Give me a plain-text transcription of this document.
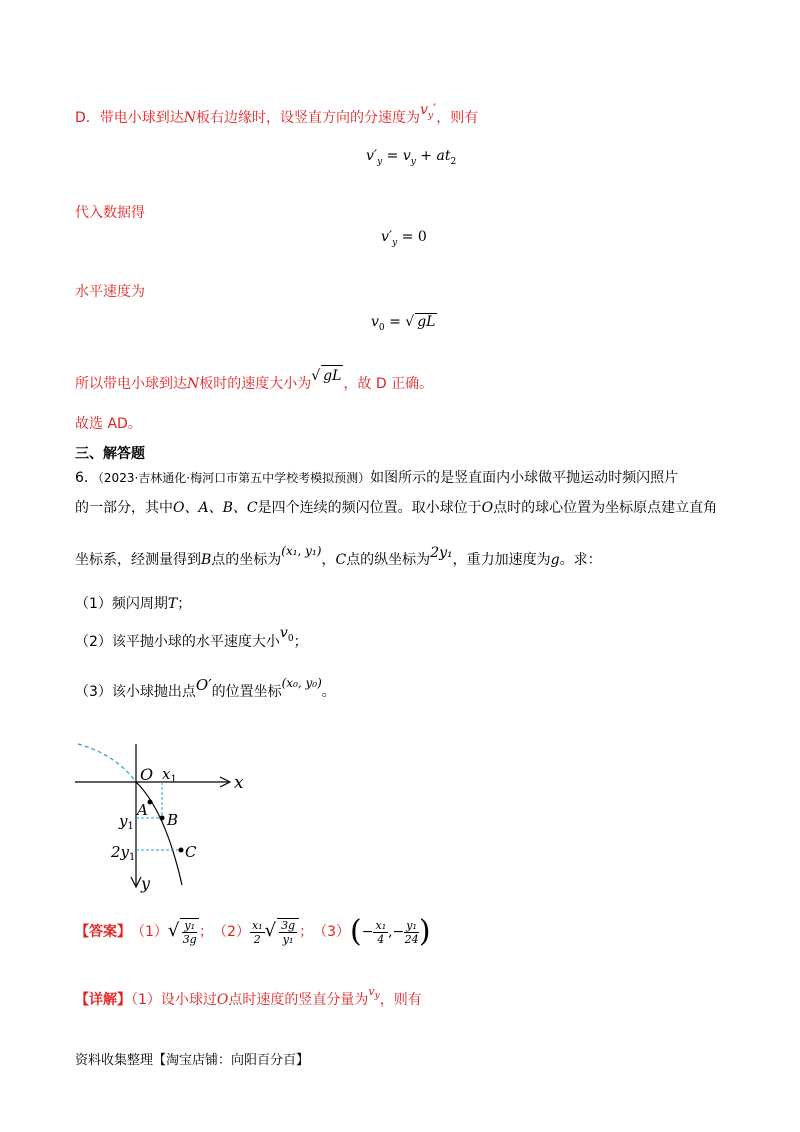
D．带电小球到达N板右边缘时，设竖直方向的分速度为$v_y'$，则有
$v'_y = v_y + at_2$
代入数据得
$v'_y = 0$
水平速度为
$v_0$ = √ gL
所以带电小球到达N板时的速度大小为√ gL ，故 D 正确。
故选 AD。
三、解答题
6．（2023·吉林通化·梅河口市第五中学校考模拟预测）如图所示的是竖直面内小球做平抛运动时频闪照片
的一部分，其中O、A、B、C是四个连续的频闪位置。取小球位于O点时的球心位置为坐标原点建立直角
坐标系，经测量得到B点的坐标为(x₁, y₁)，C点的纵坐标为2y₁，重力加速度为g。求：
（1）频闪周期T；
（2）该平抛小球的水平速度大小$v_0$；
（3）该小球抛出点O′的位置坐标(x₀, y₀)。
O $x_1$	x
A
B
C
$y_1$
$2y_1$
y
【答案】 （1） √ $\frac{\text{y₁}}{3g}$ ； $(2) \frac{\text{x₁}}{2}$ √ $\frac{3g}{\text{y₁}}$ ； （3） ( − $\frac{\text{x₁}}{4}$ ,− $\frac{\text{y₁}}{24}$ )
【详解】（1）设小球过O点时速度的竖直分量为$^{v_y}$，则有
资料收集整理【淘宝店铺：向阳百分百】
